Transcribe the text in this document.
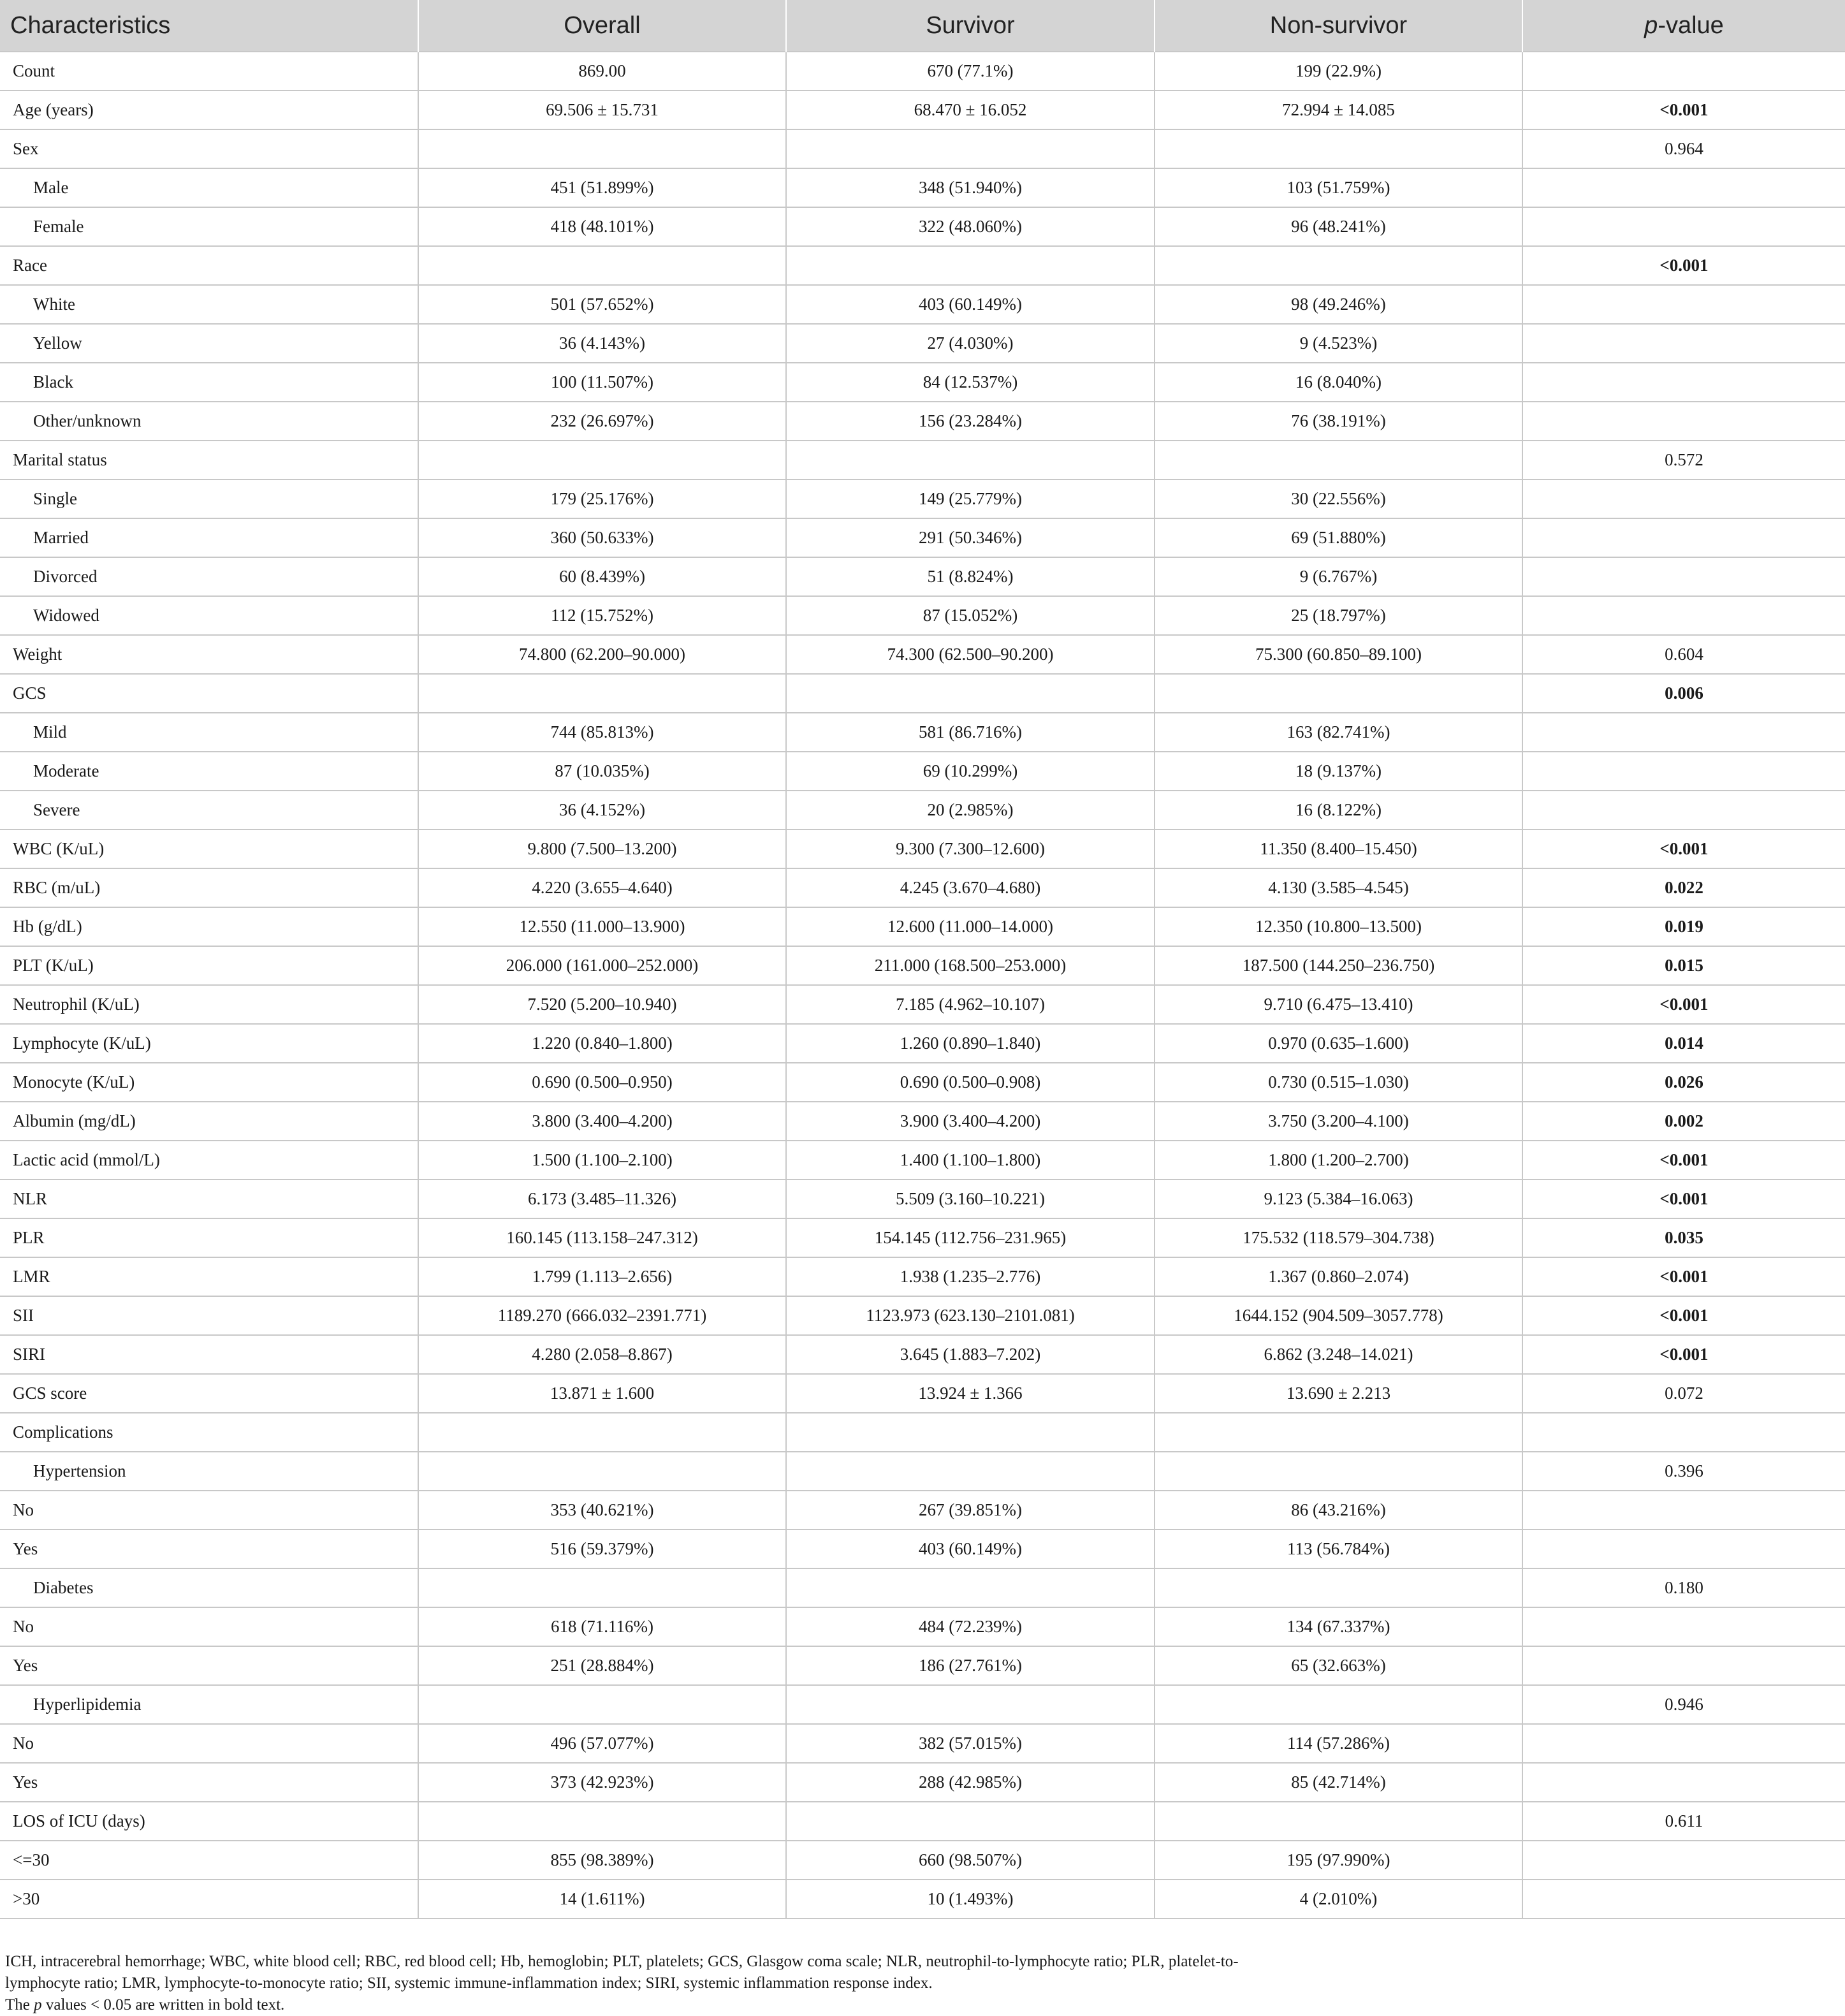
Characteristics	Overall	Survivor	Non-survivor	p-value
Count	869.00	670 (77.1%)	199 (22.9%)	
Age (years)	69.506 ± 15.731	68.470 ± 16.052	72.994 ± 14.085	<0.001
Sex				0.964
Male	451 (51.899%)	348 (51.940%)	103 (51.759%)	
Female	418 (48.101%)	322 (48.060%)	96 (48.241%)	
Race				<0.001
White	501 (57.652%)	403 (60.149%)	98 (49.246%)	
Yellow	36 (4.143%)	27 (4.030%)	9 (4.523%)	
Black	100 (11.507%)	84 (12.537%)	16 (8.040%)	
Other/unknown	232 (26.697%)	156 (23.284%)	76 (38.191%)	
Marital status				0.572
Single	179 (25.176%)	149 (25.779%)	30 (22.556%)	
Married	360 (50.633%)	291 (50.346%)	69 (51.880%)	
Divorced	60 (8.439%)	51 (8.824%)	9 (6.767%)	
Widowed	112 (15.752%)	87 (15.052%)	25 (18.797%)	
Weight	74.800 (62.200–90.000)	74.300 (62.500–90.200)	75.300 (60.850–89.100)	0.604
GCS				0.006
Mild	744 (85.813%)	581 (86.716%)	163 (82.741%)	
Moderate	87 (10.035%)	69 (10.299%)	18 (9.137%)	
Severe	36 (4.152%)	20 (2.985%)	16 (8.122%)	
WBC (K/uL)	9.800 (7.500–13.200)	9.300 (7.300–12.600)	11.350 (8.400–15.450)	<0.001
RBC (m/uL)	4.220 (3.655–4.640)	4.245 (3.670–4.680)	4.130 (3.585–4.545)	0.022
Hb (g/dL)	12.550 (11.000–13.900)	12.600 (11.000–14.000)	12.350 (10.800–13.500)	0.019
PLT (K/uL)	206.000 (161.000–252.000)	211.000 (168.500–253.000)	187.500 (144.250–236.750)	0.015
Neutrophil (K/uL)	7.520 (5.200–10.940)	7.185 (4.962–10.107)	9.710 (6.475–13.410)	<0.001
Lymphocyte (K/uL)	1.220 (0.840–1.800)	1.260 (0.890–1.840)	0.970 (0.635–1.600)	0.014
Monocyte (K/uL)	0.690 (0.500–0.950)	0.690 (0.500–0.908)	0.730 (0.515–1.030)	0.026
Albumin (mg/dL)	3.800 (3.400–4.200)	3.900 (3.400–4.200)	3.750 (3.200–4.100)	0.002
Lactic acid (mmol/L)	1.500 (1.100–2.100)	1.400 (1.100–1.800)	1.800 (1.200–2.700)	<0.001
NLR	6.173 (3.485–11.326)	5.509 (3.160–10.221)	9.123 (5.384–16.063)	<0.001
PLR	160.145 (113.158–247.312)	154.145 (112.756–231.965)	175.532 (118.579–304.738)	0.035
LMR	1.799 (1.113–2.656)	1.938 (1.235–2.776)	1.367 (0.860–2.074)	<0.001
SII	1189.270 (666.032–2391.771)	1123.973 (623.130–2101.081)	1644.152 (904.509–3057.778)	<0.001
SIRI	4.280 (2.058–8.867)	3.645 (1.883–7.202)	6.862 (3.248–14.021)	<0.001
GCS score	13.871 ± 1.600	13.924 ± 1.366	13.690 ± 2.213	0.072
Complications				
Hypertension				0.396
No	353 (40.621%)	267 (39.851%)	86 (43.216%)	
Yes	516 (59.379%)	403 (60.149%)	113 (56.784%)	
Diabetes				0.180
No	618 (71.116%)	484 (72.239%)	134 (67.337%)	
Yes	251 (28.884%)	186 (27.761%)	65 (32.663%)	
Hyperlipidemia				0.946
No	496 (57.077%)	382 (57.015%)	114 (57.286%)	
Yes	373 (42.923%)	288 (42.985%)	85 (42.714%)	
LOS of ICU (days)				0.611
<=30	855 (98.389%)	660 (98.507%)	195 (97.990%)	
>30	14 (1.611%)	10 (1.493%)	4 (2.010%)	

ICH, intracerebral hemorrhage; WBC, white blood cell; RBC, red blood cell; Hb, hemoglobin; PLT, platelets; GCS, Glasgow coma scale; NLR, neutrophil-to-lymphocyte ratio; PLR, platelet-to-

lymphocyte ratio; LMR, lymphocyte-to-monocyte ratio; SII, systemic immune-inflammation index; SIRI, systemic inflammation response index.

The p values < 0.05 are written in bold text.
